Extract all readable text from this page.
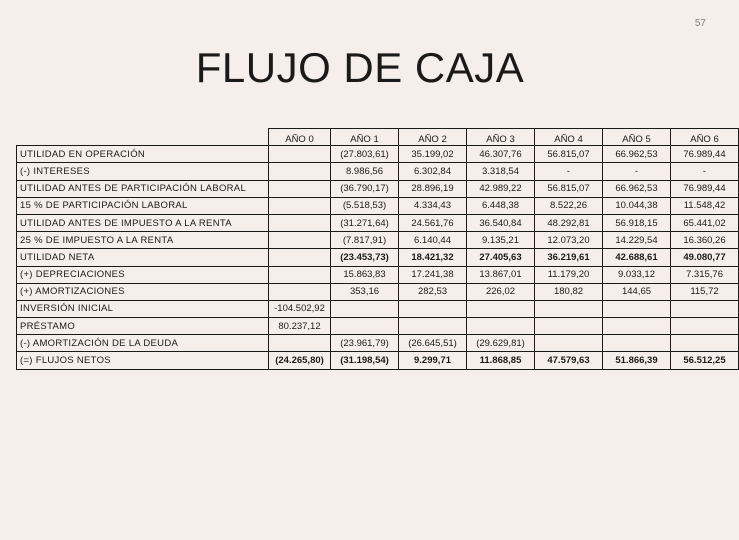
57
FLUJO DE CAJA
		AÑO 0	AÑO 1	AÑO 2	AÑO 3	AÑO 4	AÑO 5	AÑO 6
UTILIDAD EN OPERACIÓN			(27.803,61)	35.199,02	46.307,76	56.815,07	66.962,53	76.989,44
(-) INTERESES			8.986,56	6.302,84	3.318,54	-	-	-
UTILIDAD ANTES DE PARTICIPACIÓN LABORAL			(36.790,17)	28.896,19	42.989,22	56.815,07	66.962,53	76.989,44
15 % DE PARTICIPACIÓN LABORAL			(5.518,53)	4.334,43	6.448,38	8.522,26	10.044,38	11.548,42
UTILIDAD ANTES DE IMPUESTO A LA RENTA			(31.271,64)	24.561,76	36.540,84	48.292,81	56.918,15	65.441,02
25 % DE IMPUESTO A LA RENTA			(7.817,91)	6.140,44	9.135,21	12.073,20	14.229,54	16.360,26
UTILIDAD NETA			(23.453,73)	18.421,32	27.405,63	36.219,61	42.688,61	49.080,77
(+) DEPRECIACIONES			15.863,83	17.241,38	13.867,01	11.179,20	9.033,12	7.315,76
(+) AMORTIZACIONES			353,16	282,53	226,02	180,82	144,65	115,72
INVERSIÓN INICIAL		-104.502,92						
PRÉSTAMO		80.237,12						
(-) AMORTIZACIÓN DE LA DEUDA			(23.961,79)	(26.645,51)	(29.629,81)			
(=) FLUJOS NETOS		(24.265,80)	(31.198,54)	9.299,71	11.868,85	47.579,63	51.866,39	56.512,25
